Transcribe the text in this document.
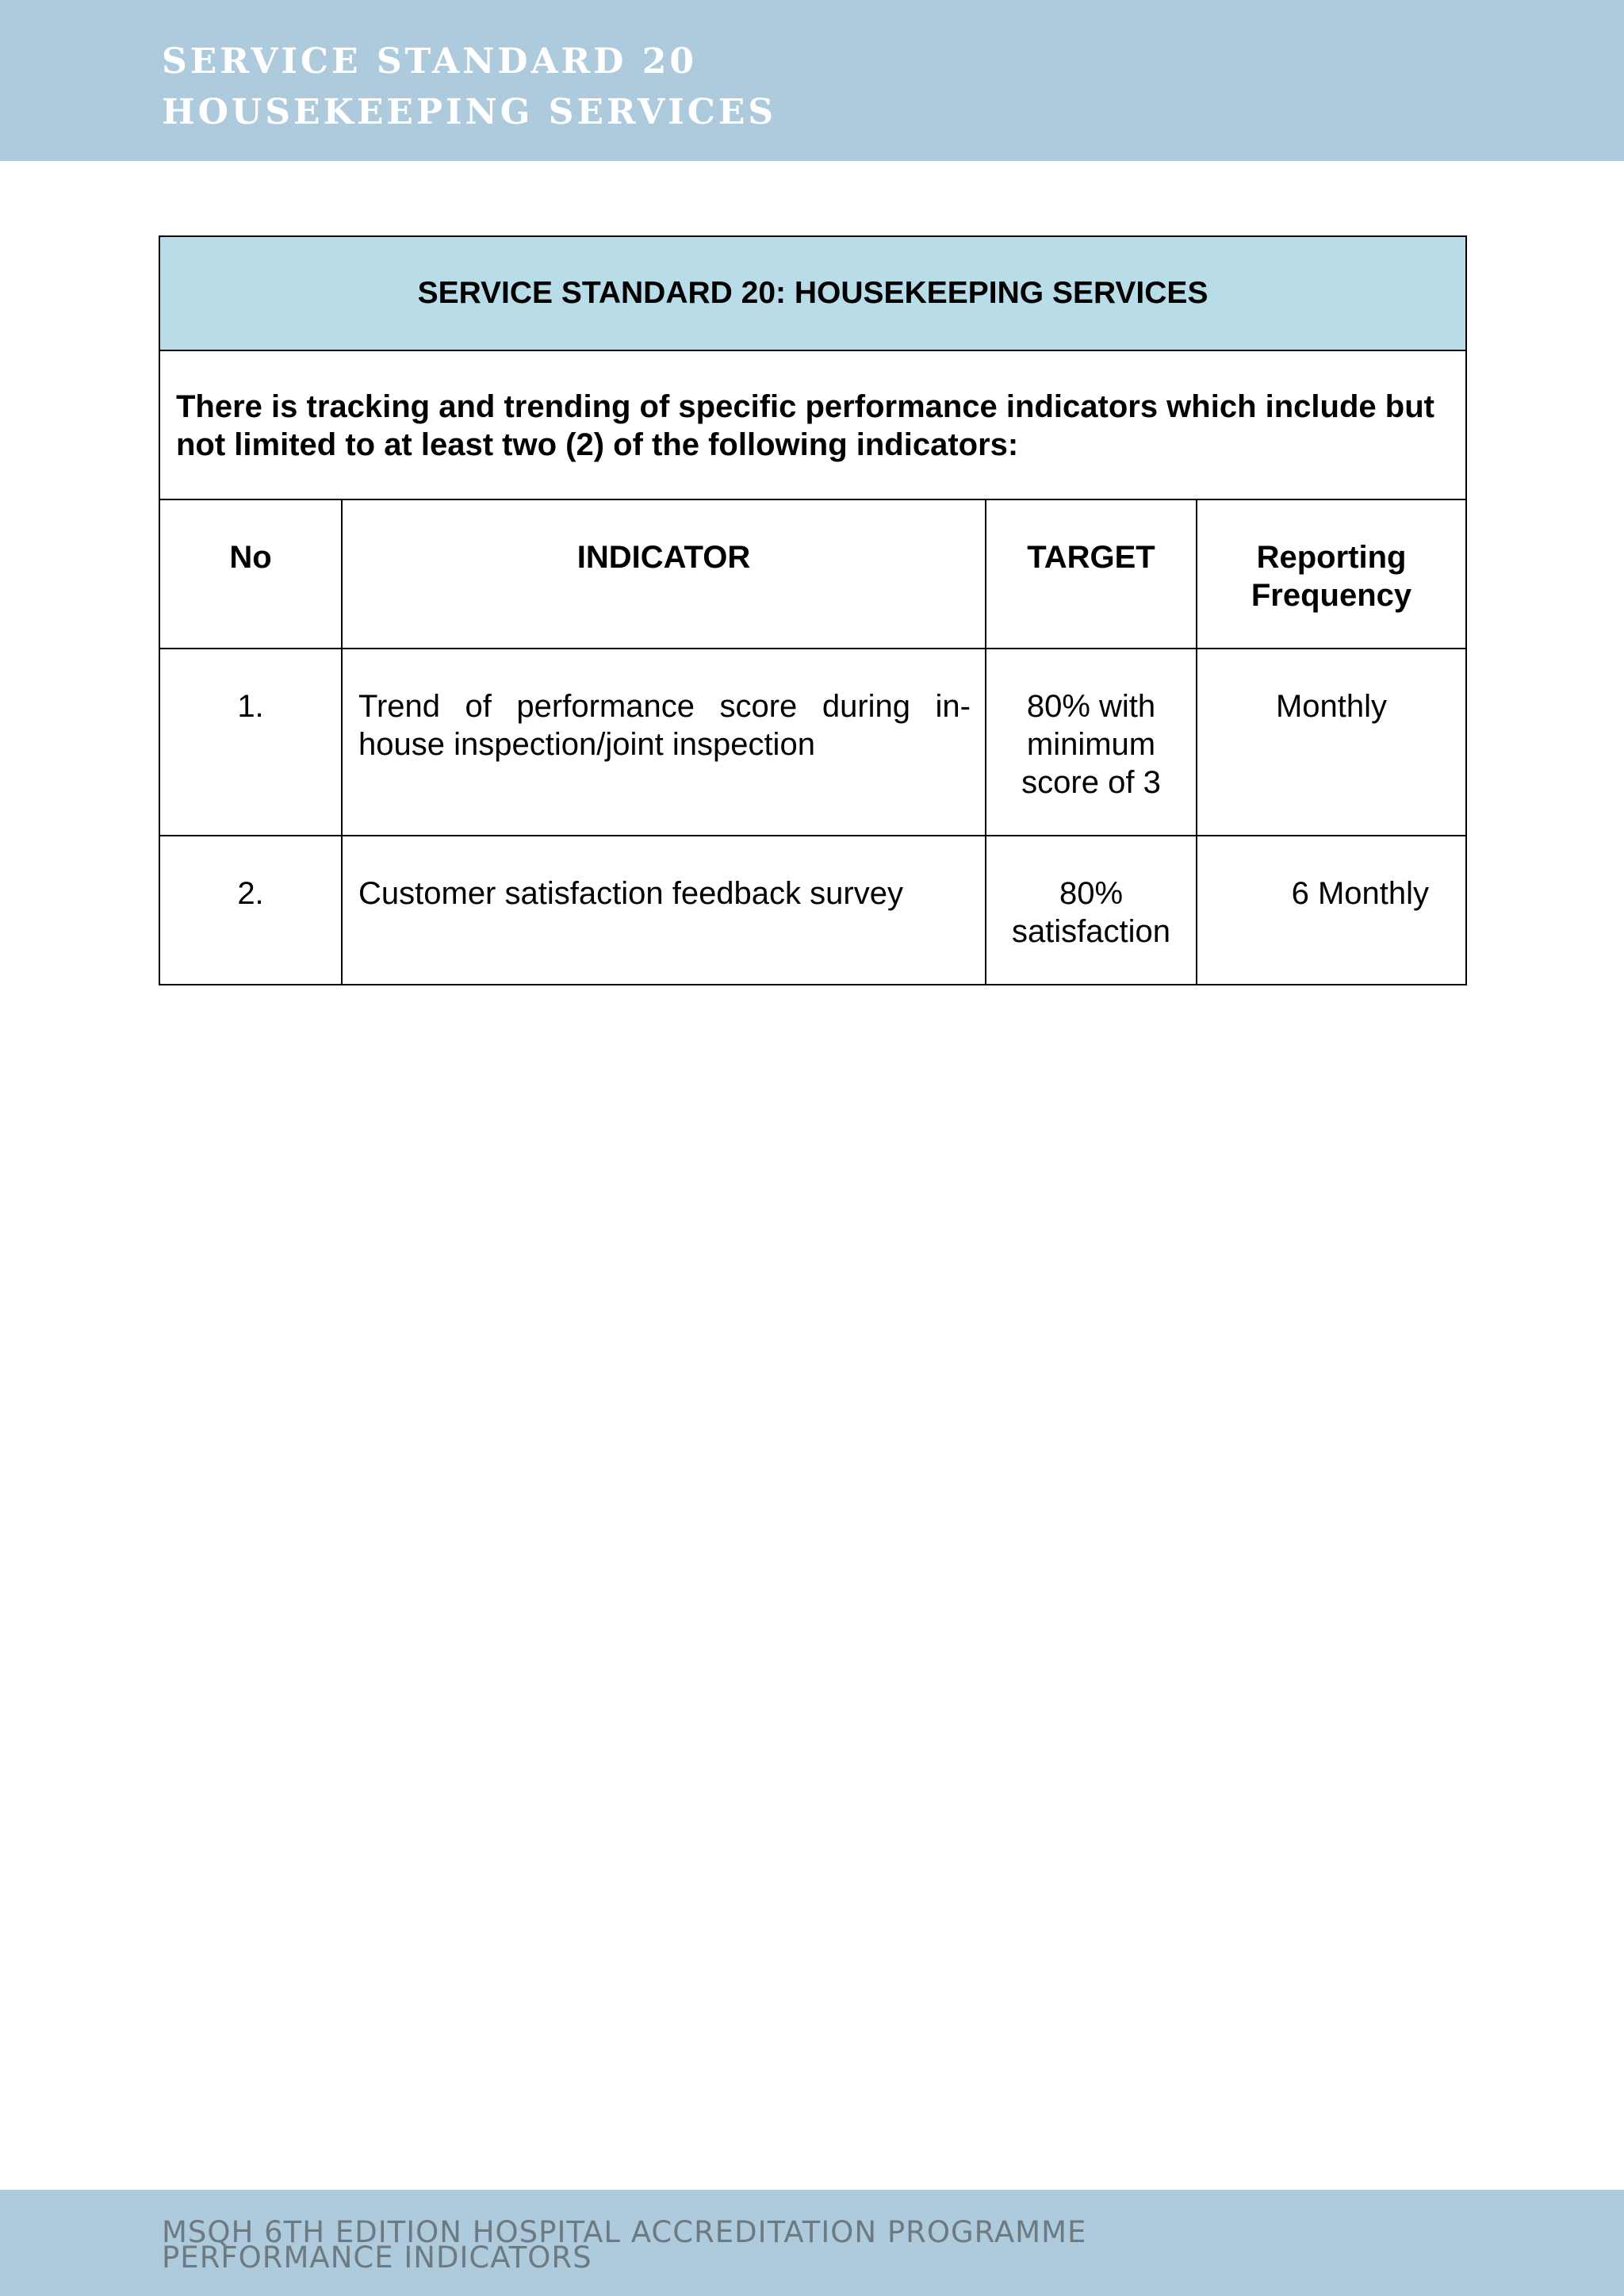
SERVICE STANDARD 20

HOUSEKEEPING SERVICES

SERVICE STANDARD 20: HOUSEKEEPING SERVICES			
There is tracking and trending of specific performance indicators which include but not limited to at least two (2) of the following indicators:			
No	INDICATOR	TARGET	Reporting Frequency
1.	Trend of performance score during in-house inspection/joint inspection	80% with minimum score of 3	Monthly
2.	Customer satisfaction feedback survey	80% satisfaction	6 Monthly

MSQH 6TH EDITION HOSPITAL ACCREDITATION PROGRAMME

PERFORMANCE INDICATORS
